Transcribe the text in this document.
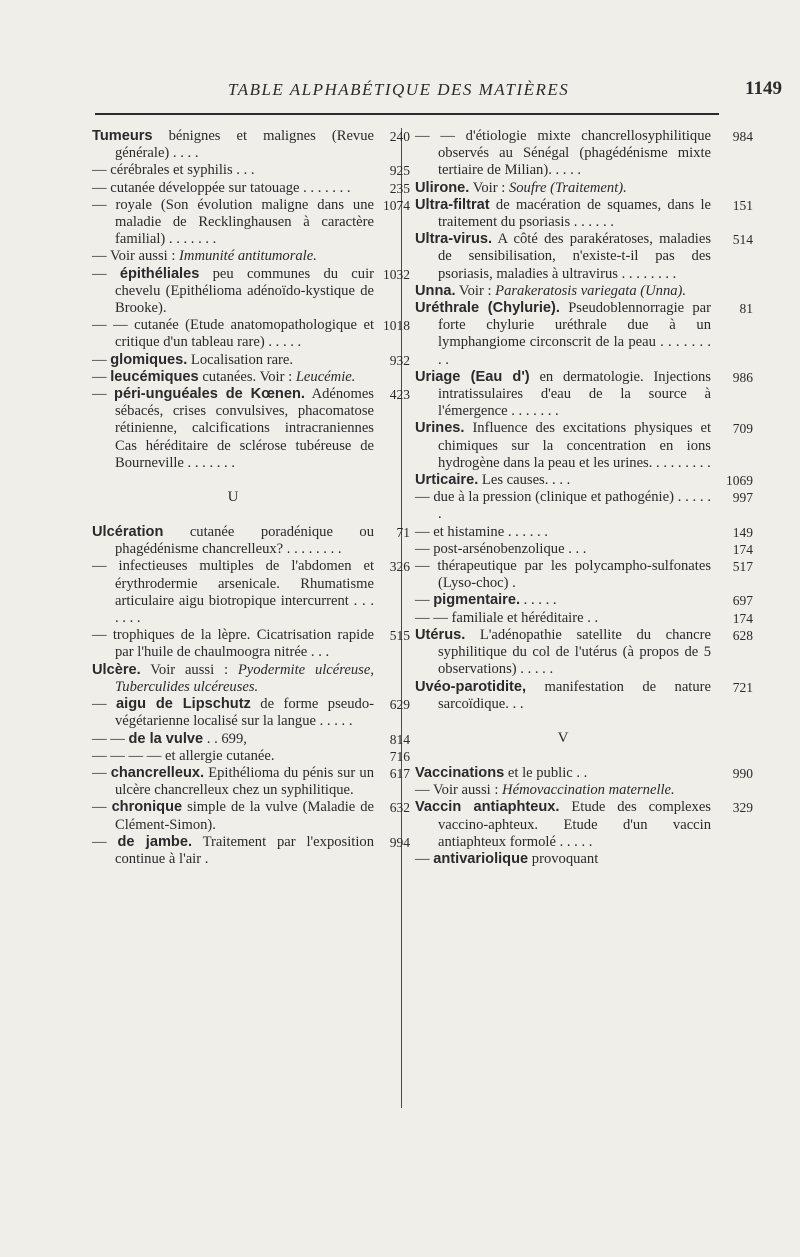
TABLE ALPHABÉTIQUE DES MATIÈRES	1149
240
Tumeurs bénignes et malignes (Revue générale) . . . .
925
— cérébrales et syphilis . . .
235
— cutanée développée sur tatouage . . . . . . .
1074
— royale (Son évolution maligne dans une maladie de Recklinghausen à caractère familial) . . . . . . .
— Voir aussi : Immunité antitumorale.
1032
— épithéliales peu communes du cuir chevelu (Epithélioma adénoïdo-kystique de Brooke).
1018
— — cutanée (Etude anatomopathologique et critique d'un tableau rare) . . . . .
932
— glomiques. Localisation rare.
— leucémiques cutanées. Voir : Leucémie.
423
— péri-unguéales de Kœnen. Adénomes sébacés, crises convulsives, phacomatose rétinienne, calcifications intracraniennes Cas héréditaire de sclérose tubéreuse de Bourneville . . . . . . .
U
71
Ulcération cutanée poradénique ou phagédénisme chancrelleux? . . . . . . . .
326
— infectieuses multiples de l'abdomen et érythrodermie arsenicale. Rhumatisme articulaire aigu biotropique intercurrent . . . . . . .
515
— trophiques de la lèpre. Cicatrisation rapide par l'huile de chaulmoogra nitrée . . .
Ulcère. Voir aussi : Pyodermite ulcéreuse, Tuberculides ulcéreuses.
629
— aigu de Lipschutz de forme pseudo-végétarienne localisé sur la langue . . . . .
814
— — de la vulve . . 699,
716
— — — — et allergie cutanée.
617
— chancrelleux. Epithélioma du pénis sur un ulcère chancrelleux chez un syphilitique.
632
— chronique simple de la vulve (Maladie de Clément-Simon).
994
— de jambe. Traitement par l'exposition continue à l'air .
984
— — d'étiologie mixte chancrellosyphilitique observés au Sénégal (phagédénisme mixte tertiaire de Milian). . . . .
Ulirone. Voir : Soufre (Traitement).
151
Ultra-filtrat de macération de squames, dans le traitement du psoriasis . . . . . .
514
Ultra-virus. A côté des parakératoses, maladies de sensibilisation, n'existe-t-il pas des psoriasis, maladies à ultravirus . . . . . . . .
Unna. Voir : Parakeratosis variegata (Unna).
81
Uréthrale (Chylurie). Pseudoblennorragie par forte chylurie uréthrale due à un lymphangiome circonscrit de la peau . . . . . . . . .
986
Uriage (Eau d') en dermatologie. Injections intratissulaires d'eau de la source à l'émergence . . . . . . .
709
Urines. Influence des excitations physiques et chimiques sur la concentration en ions hydrogène dans la peau et les urines. . . . . . . . .
1069
Urticaire. Les causes. . . .
997
— due à la pression (clinique et pathogénie) . . . . . .
149
— et histamine . . . . . .
174
— post-arsénobenzolique . . .
517
— thérapeutique par les polycampho-sulfonates (Lyso-choc) .
697
— pigmentaire. . . . . .
174
— — familiale et héréditaire . .
628
Utérus. L'adénopathie satellite du chancre syphilitique du col de l'utérus (à propos de 5 observations) . . . . .
721
Uvéo-parotidite, manifestation de nature sarcoïdique. . .
V
990
Vaccinations et le public . .
— Voir aussi : Hémovaccination maternelle.
329
Vaccin antiaphteux. Etude des complexes vaccino-aphteux. Etude d'un vaccin antiaphteux formolé . . . . .
— antivariolique provoquant
